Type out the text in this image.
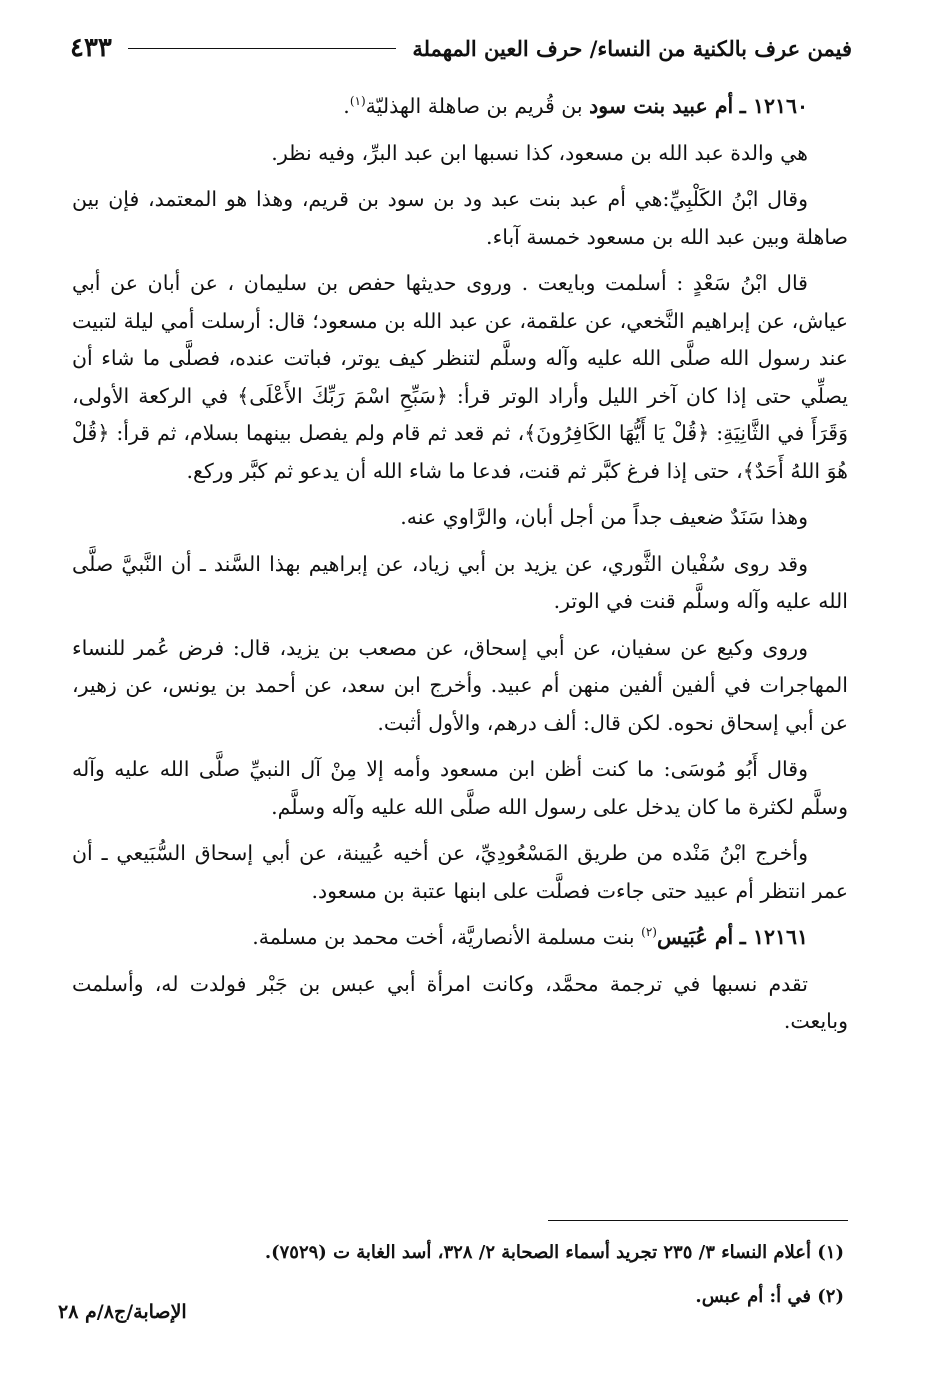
فيمن عرف بالكنية من النساء/ حرف العين المهملة
٤٣٣

١٢١٦٠ ـ أم عبيد بنت سود بن قُريم بن صاهلة الهذليّة$^{(١)}$.

هي والدة عبد الله بن مسعود، كذا نسبها ابن عبد البرِّ، وفيه نظر.

وقال ابْنُ الكَلْبِيِّ:هي أم عبد بنت عبد ود بن سود بن قريم، وهذا هو المعتمد، فإن بين صاهلة وبين عبد الله بن مسعود خمسة آباء.

قال ابْنُ سَعْدٍ : أسلمت وبايعت . وروى حديثها حفص بن سليمان ، عن أبان عن أبي عياش، عن إبراهيم النَّخعي، عن علقمة، عن عبد الله بن مسعود؛ قال: أرسلت أمي ليلة لتبيت عند رسول الله صلَّى الله عليه وآله وسلَّم لتنظر كيف يوتر، فباتت عنده، فصلَّى ما شاء أن يصلِّي حتى إذا كان آخر الليل وأراد الوتر قرأ: ﴿سَبِّحِ اسْمَ رَبِّكَ الأَعْلَى﴾ في الركعة الأولى، وَقَرَأَ في الثَّانِيَةِ: ﴿قُلْ يَا أَيُّهَا الكَافِرُونَ﴾، ثم قعد ثم قام ولم يفصل بينهما بسلام، ثم قرأ: ﴿قُلْ هُوَ اللهُ أَحَدٌ﴾، حتى إذا فرغ كبَّر ثم قنت، فدعا ما شاء الله أن يدعو ثم كبَّر وركع.

وهذا سَنَدٌ ضعيف جداً من أجل أبان، والرَّاوي عنه.

وقد روى سُفْيان الثَّوري، عن يزيد بن أبي زياد، عن إبراهيم بهذا السَّند ـ أن النَّبيَّ صلَّى الله عليه وآله وسلَّم قنت في الوتر.

وروى وكيع عن سفيان، عن أبي إسحاق، عن مصعب بن يزيد، قال: فرض عُمر للنساء المهاجرات في ألفين ألفين منهن أم عبيد. وأخرج ابن سعد، عن أحمد بن يونس، عن زهير، عن أبي إسحاق نحوه. لكن قال: ألف درهم، والأول أثبت.

وقال أَبُو مُوسَى: ما كنت أظن ابن مسعود وأمه إلا مِنْ آل النبيِّ صلَّى الله عليه وآله وسلَّم لكثرة ما كان يدخل على رسول الله صلَّى الله عليه وآله وسلَّم.

وأخرج ابْنُ مَنْده من طريق المَسْعُودِيِّ، عن أخيه عُيينة، عن أبي إسحاق السُّبَيعي ـ أن عمر انتظر أم عبيد حتى جاءت فصلَّت على ابنها عتبة بن مسعود.

١٢١٦١ ـ أم عُبَيس$^{(٢)}$ بنت مسلمة الأنصاريَّة، أخت محمد بن مسلمة.

تقدم نسبها في ترجمة محمَّد، وكانت امرأة أبي عبس بن جَبْر فولدت له، وأسلمت وبايعت.

(١) أعلام النساء ٣/ ٢٣٥ تجريد أسماء الصحابة ٢/ ٣٢٨، أسد الغابة ت (٧٥٢٩).

(٢) في أ: أم عبس.

الإصابة/ج٨/م ٢٨
